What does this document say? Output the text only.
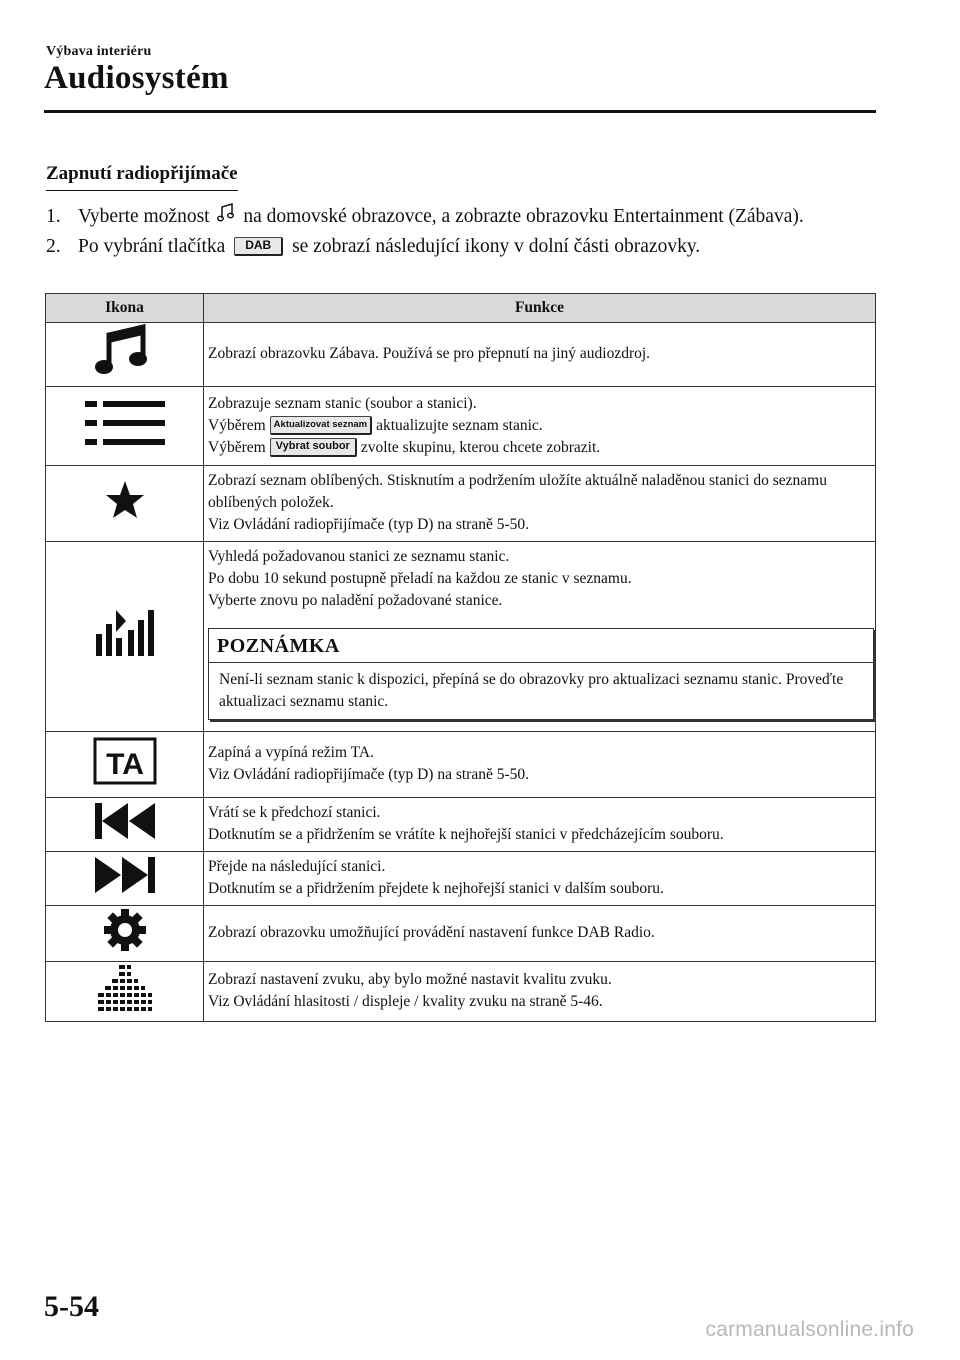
Výbava interiéru
Audiosystém
Zapnutí radiopřijímače
1. Vyberte možnost na domovské obrazovce, a zobrazte obrazovku Entertainment (Zábava).
2. Po vybrání tlačítka DAB se zobrazí následující ikony v dolní části obrazovky.
Ikona	Funkce

Zobrazí obrazovku Zábava. Používá se pro přepnutí na jiný audiozdroj.

Zobrazuje seznam stanic (soubor a stanici).
Výběrem Aktualizovat seznam aktualizujte seznam stanic.
Výběrem Vybrat soubor zvolte skupinu, kterou chcete zobrazit.

Zobrazí seznam oblíbených. Stisknutím a podržením uložíte aktuálně naladěnou stanici do seznamu oblíbených položek.
Viz Ovládání radiopřijímače (typ D) na straně 5-50.

Vyhledá požadovanou stanici ze seznamu stanic.
Po dobu 10 sekund postupně přeladí na každou ze stanic v seznamu.
Vyberte znovu po naladění požadované stanice.
POZNÁMKA
Není-li seznam stanic k dispozici, přepíná se do obrazovky pro aktualizaci seznamu stanic. Proveďte aktualizaci seznamu stanic.

TA	Zapíná a vypíná režim TA.
Viz Ovládání radiopřijímače (typ D) na straně 5-50.

Vrátí se k předchozí stanici.
Dotknutím se a přidržením se vrátíte k nejhořejší stanici v předcházejícím souboru.

Přejde na následující stanici.
Dotknutím se a přidržením přejdete k nejhořejší stanici v dalším souboru.

Zobrazí obrazovku umožňující provádění nastavení funkce DAB Radio.

Zobrazí nastavení zvuku, aby bylo možné nastavit kvalitu zvuku.
Viz Ovládání hlasitosti / displeje / kvality zvuku na straně 5-46.
5-54
carmanualsonline.info
